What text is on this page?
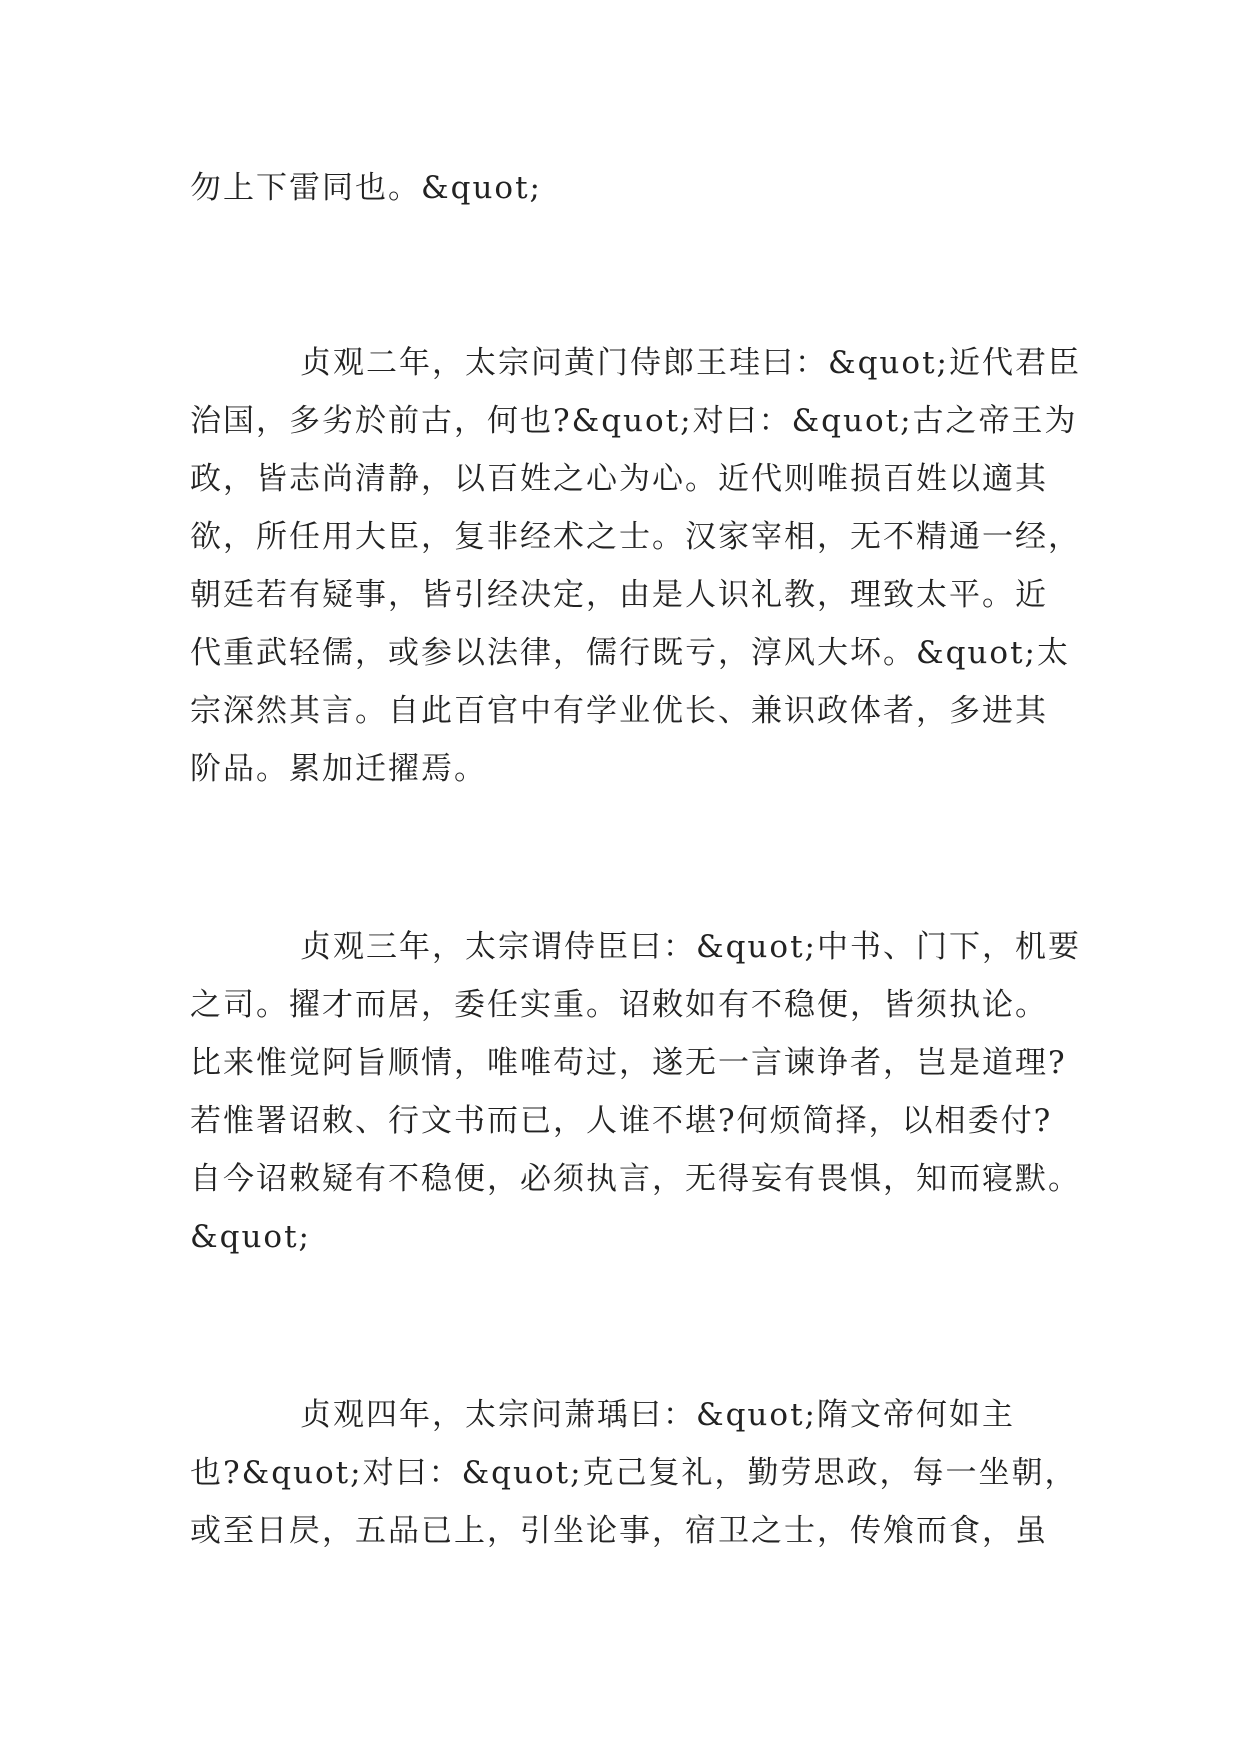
勿上下雷同也。&quot;
贞观二年，太宗问黄门侍郎王珪曰：&quot;近代君臣
治国，多劣於前古，何也?&quot;对曰：&quot;古之帝王为
政，皆志尚清静，以百姓之心为心。近代则唯损百姓以適其
欲，所任用大臣，复非经术之士。汉家宰相，无不精通一经，
朝廷若有疑事，皆引经决定，由是人识礼教，理致太平。近
代重武轻儒，或参以法律，儒行既亏，淳风大坏。&quot;太
宗深然其言。自此百官中有学业优长、兼识政体者，多进其
阶品。累加迁擢焉。
贞观三年，太宗谓侍臣曰：&quot;中书、门下，机要
之司。擢才而居，委任实重。诏敕如有不稳便，皆须执论。
比来惟觉阿旨顺情，唯唯苟过，遂无一言谏诤者，岂是道理?
若惟署诏敕、行文书而已，人谁不堪?何烦简择，以相委付?
自今诏敕疑有不稳便，必须执言，无得妄有畏惧，知而寝默。
&quot;
贞观四年，太宗问萧瑀曰：&quot;隋文帝何如主
也?&quot;对曰：&quot;克己复礼，勤劳思政，每一坐朝，
或至日昃，五品已上，引坐论事，宿卫之士，传飧而食，虽
